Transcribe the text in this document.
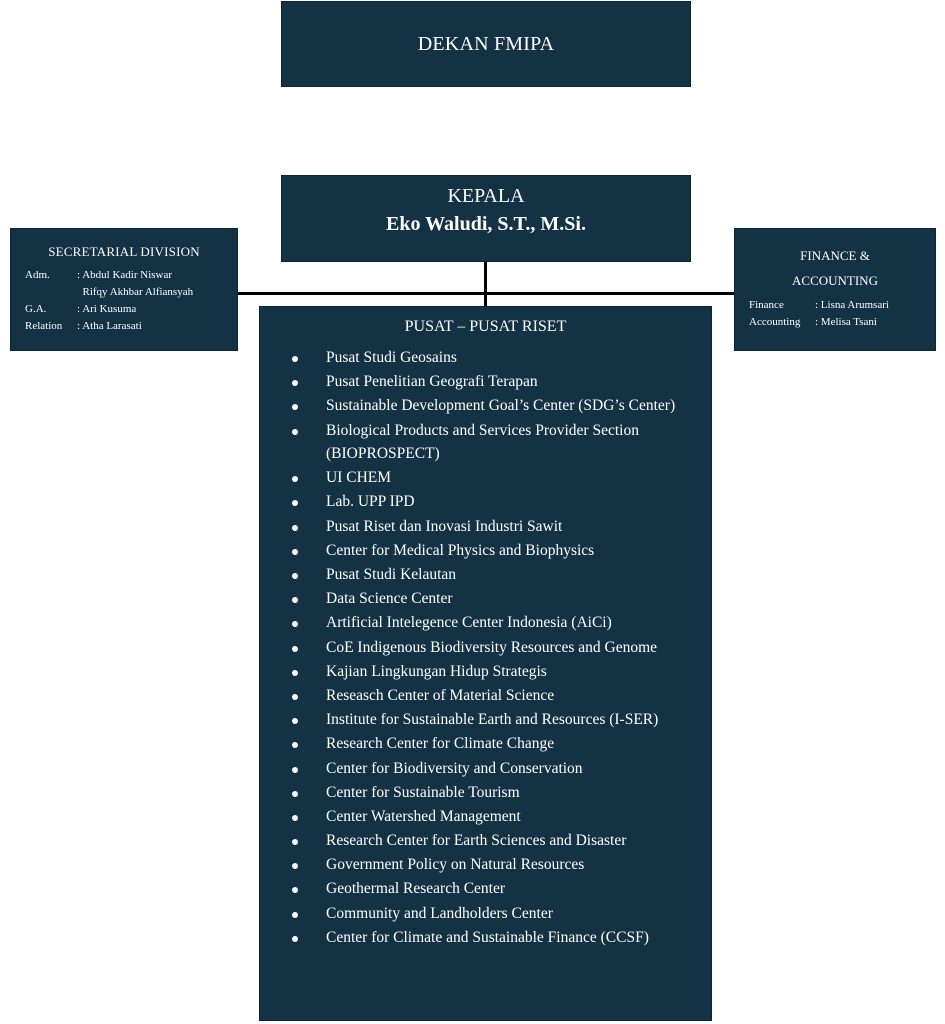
DEKAN FMIPA
KEPALA
Eko Waludi, S.T., M.Si.
SECRETARIAL DIVISION
Adm. : Abdul Kadir Niswar
Rifqy Akhbar Alfiansyah
G.A.	: Ari Kusuma
Relation : Atha Larasati
FINANCE &
ACCOUNTING
Finance	: Lisna Arumsari
Accounting : Melisa Tsani
PUSAT – PUSAT RISET
Pusat Studi Geosains
Pusat Penelitian Geografi Terapan
Sustainable Development Goal’s Center (SDG’s Center)
Biological Products and Services Provider Section (BIOPROSPECT)
UI CHEM
Lab. UPP IPD
Pusat Riset dan Inovasi Industri Sawit
Center for Medical Physics and Biophysics
Pusat Studi Kelautan
Data Science Center
Artificial Intelegence Center Indonesia (AiCi)
CoE Indigenous Biodiversity Resources and Genome
Kajian Lingkungan Hidup Strategis
Reseasch Center of Material Science
Institute for Sustainable Earth and Resources (I-SER)
Research Center for Climate Change
Center for Biodiversity and Conservation
Center for Sustainable Tourism
Center Watershed Management
Research Center for Earth Sciences and Disaster
Government Policy on Natural Resources
Geothermal Research Center
Community and Landholders Center
Center for Climate and Sustainable Finance (CCSF)
